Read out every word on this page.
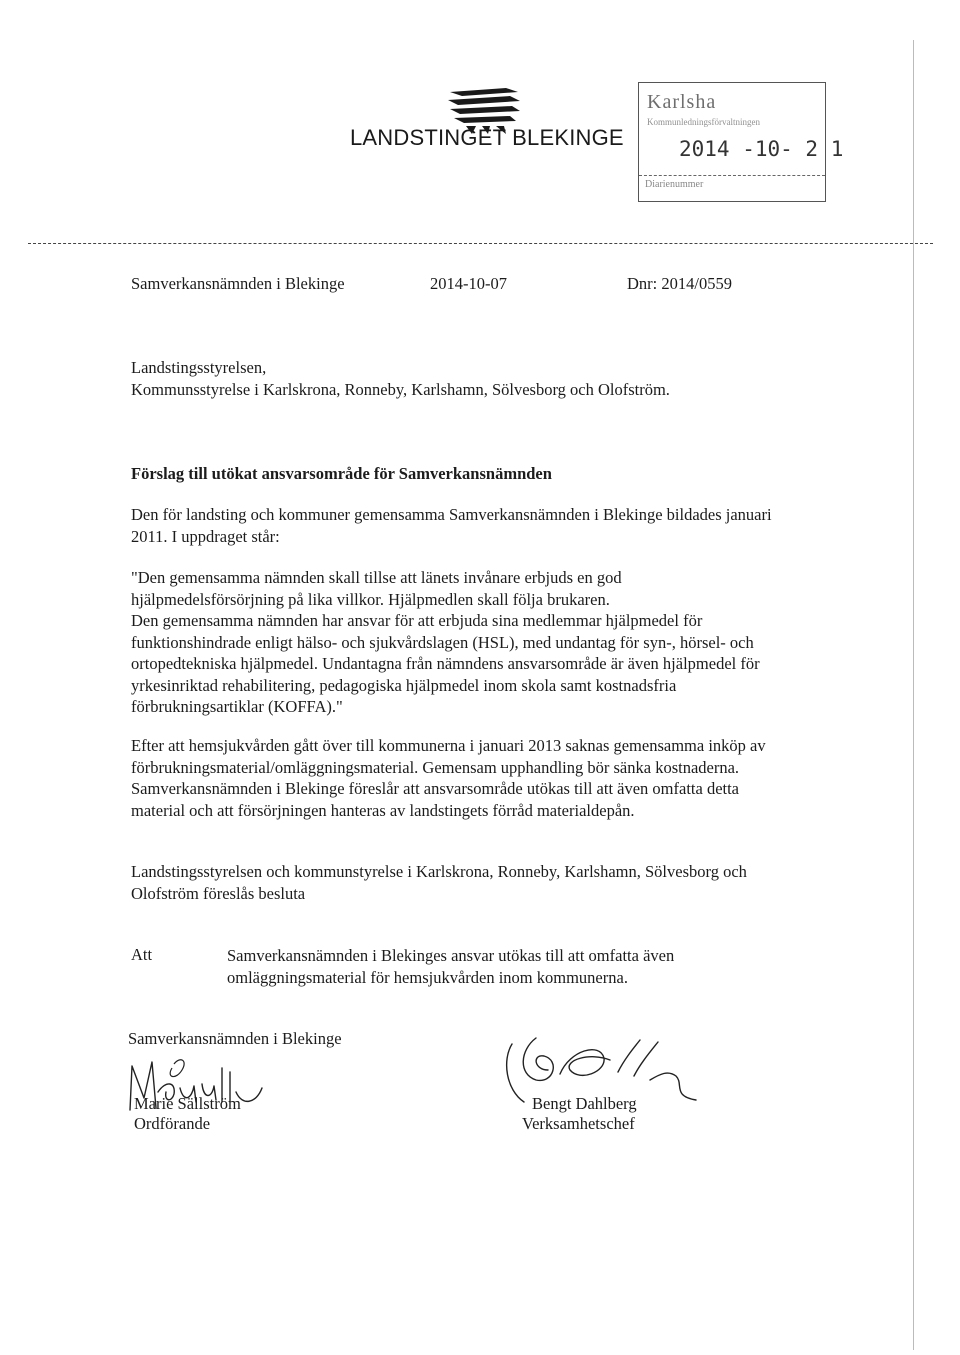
LANDSTINGET BLEKINGE
Karlsha
Kommunledningsförvaltningen
2014 -10- 2 1
Diarienummer
Samverkansnämnden i Blekinge	2014-10-07	Dnr: 2014/0559
Landstingsstyrelsen,
Kommunsstyrelse i Karlskrona, Ronneby, Karlshamn, Sölvesborg och Olofström.
Förslag till utökat ansvarsområde för Samverkansnämnden
Den för landsting och kommuner gemensamma Samverkansnämnden i Blekinge bildades januari
2011. I uppdraget står:
"Den gemensamma nämnden skall tillse att länets invånare erbjuds en god
hjälpmedelsförsörjning på lika villkor. Hjälpmedlen skall följa brukaren.
Den gemensamma nämnden har ansvar för att erbjuda sina medlemmar hjälpmedel för
funktionshindrade enligt hälso- och sjukvårdslagen (HSL), med undantag för syn-, hörsel- och
ortopedtekniska hjälpmedel. Undantagna från nämndens ansvarsområde är även hjälpmedel för
yrkesinriktad rehabilitering, pedagogiska hjälpmedel inom skola samt kostnadsfria
förbrukningsartiklar (KOFFA)."
Efter att hemsjukvården gått över till kommunerna i januari 2013 saknas gemensamma inköp av
förbrukningsmaterial/omläggningsmaterial. Gemensam upphandling bör sänka kostnaderna.
Samverkansnämnden i Blekinge föreslår att ansvarsområde utökas till att även omfatta detta
material och att försörjningen hanteras av landstingets förråd materialdepån.
Landstingsstyrelsen och kommunstyrelse i Karlskrona, Ronneby, Karlshamn, Sölvesborg och
Olofström föreslås besluta
Att	Samverkansnämnden i Blekinges ansvar utökas till att omfatta även
omläggningsmaterial för hemsjukvården inom kommunerna.
Samverkansnämnden i Blekinge
Marie Sällström
Ordförande
Bengt Dahlberg
Verksamhetschef
